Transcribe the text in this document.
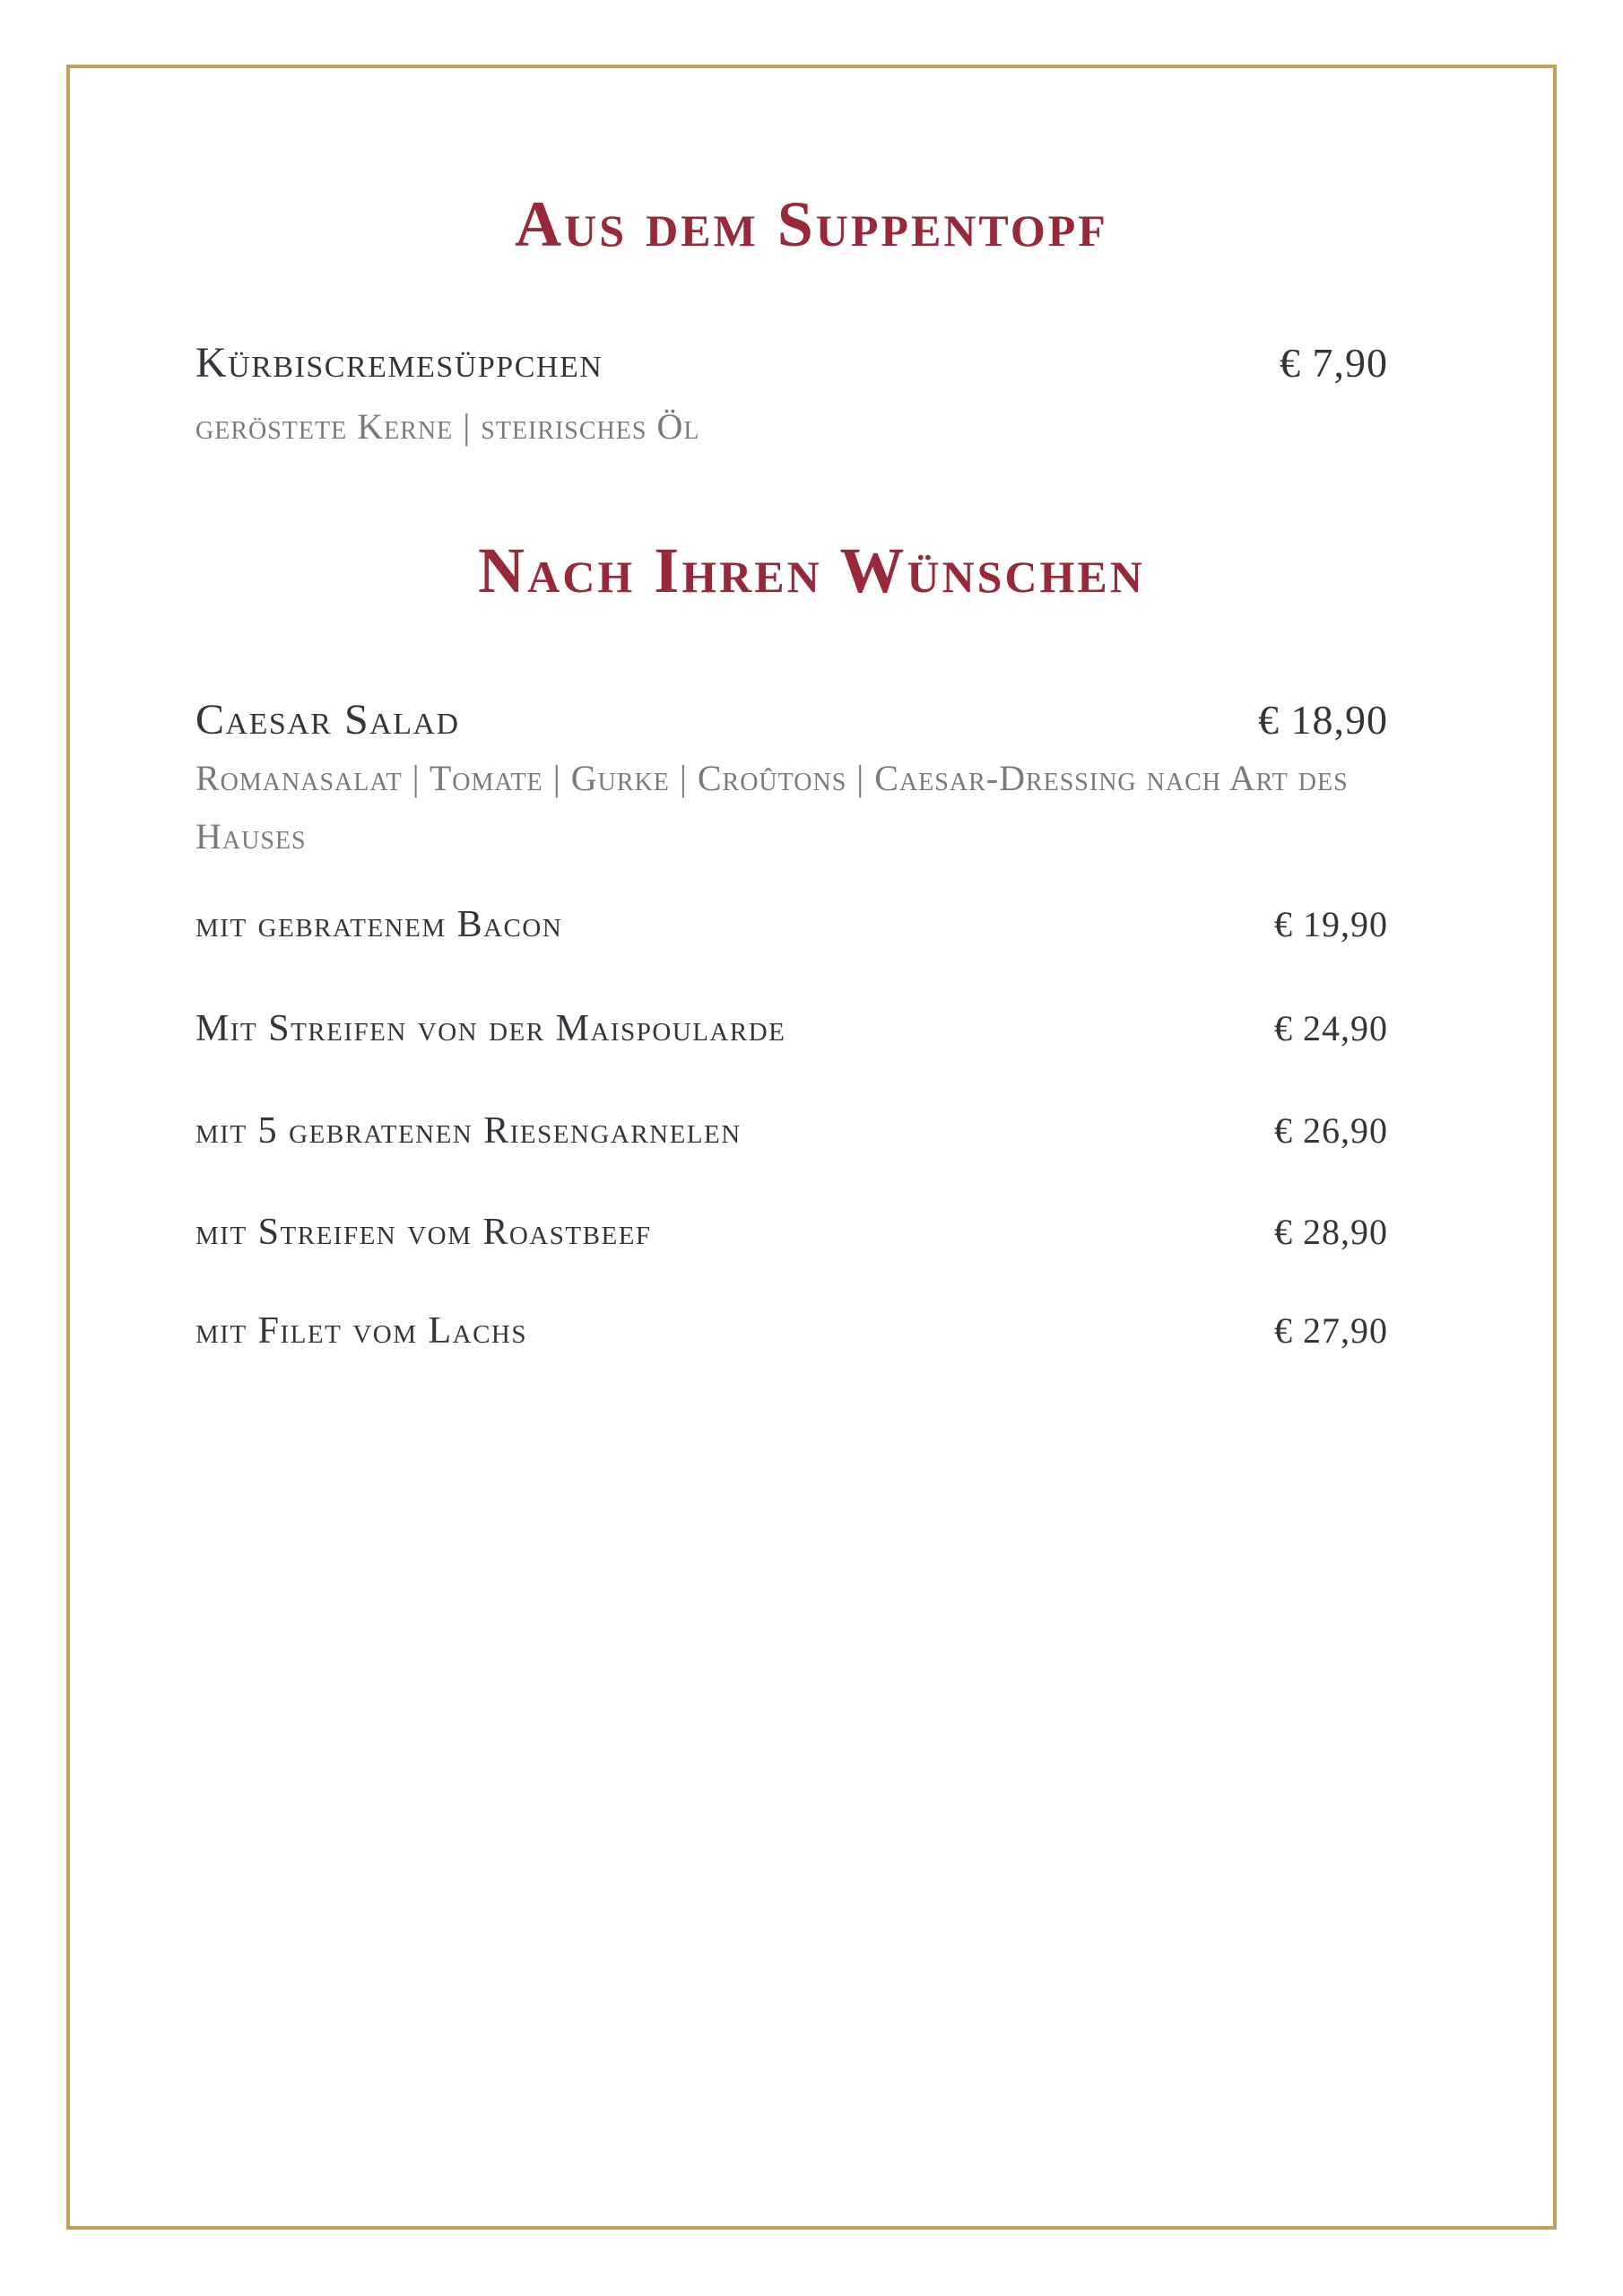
Aus dem Suppentopf
Kürbiscremesüppchen	€ 7,90
geröstete Kerne | steirisches Öl
Nach Ihren Wünschen
Caesar Salad	€ 18,90
Romanasalat | Tomate | Gurke | Croûtons | Caesar-Dressing nach Art des Hauses
mit gebratenem Bacon	€ 19,90
Mit Streifen von der Maispoularde	€ 24,90
mit 5 gebratenen Riesengarnelen	€ 26,90
mit Streifen vom Roastbeef	€ 28,90
mit Filet vom Lachs	€ 27,90
